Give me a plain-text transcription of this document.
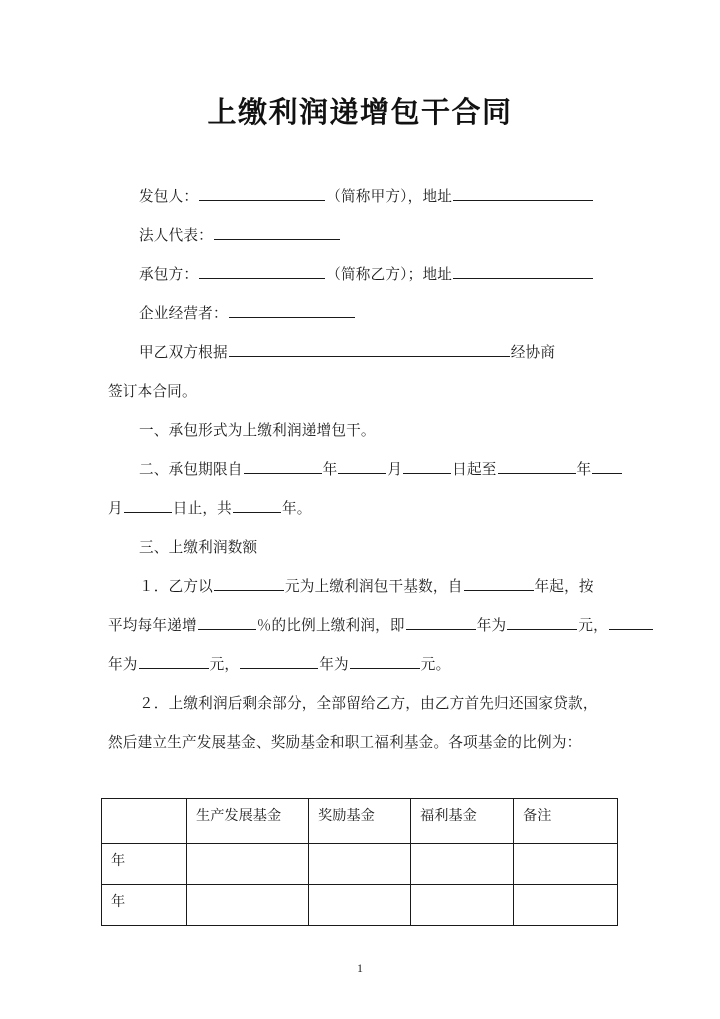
上缴利润递增包干合同
发包人：	（简称甲方），地址
法人代表：
承包方：	（简称乙方）；地址
企业经营者：
甲乙双方根据	经协商
签订本合同。
一、承包形式为上缴利润递增包干。
二、承包期限自	年	月	日起至	年
月	日止，共	年。
三、上缴利润数额
１．乙方以	元为上缴利润包干基数，自	年起，按
平均每年递增	％的比例上缴利润，即	年为	元，
年为	元，	年为	元。
２．上缴利润后剩余部分，全部留给乙方，由乙方首先归还国家贷款，
然后建立生产发展基金、奖励基金和职工福利基金。各项基金的比例为：
	生产发展基金	奖励基金	福利基金	备注
年				
年				
1
